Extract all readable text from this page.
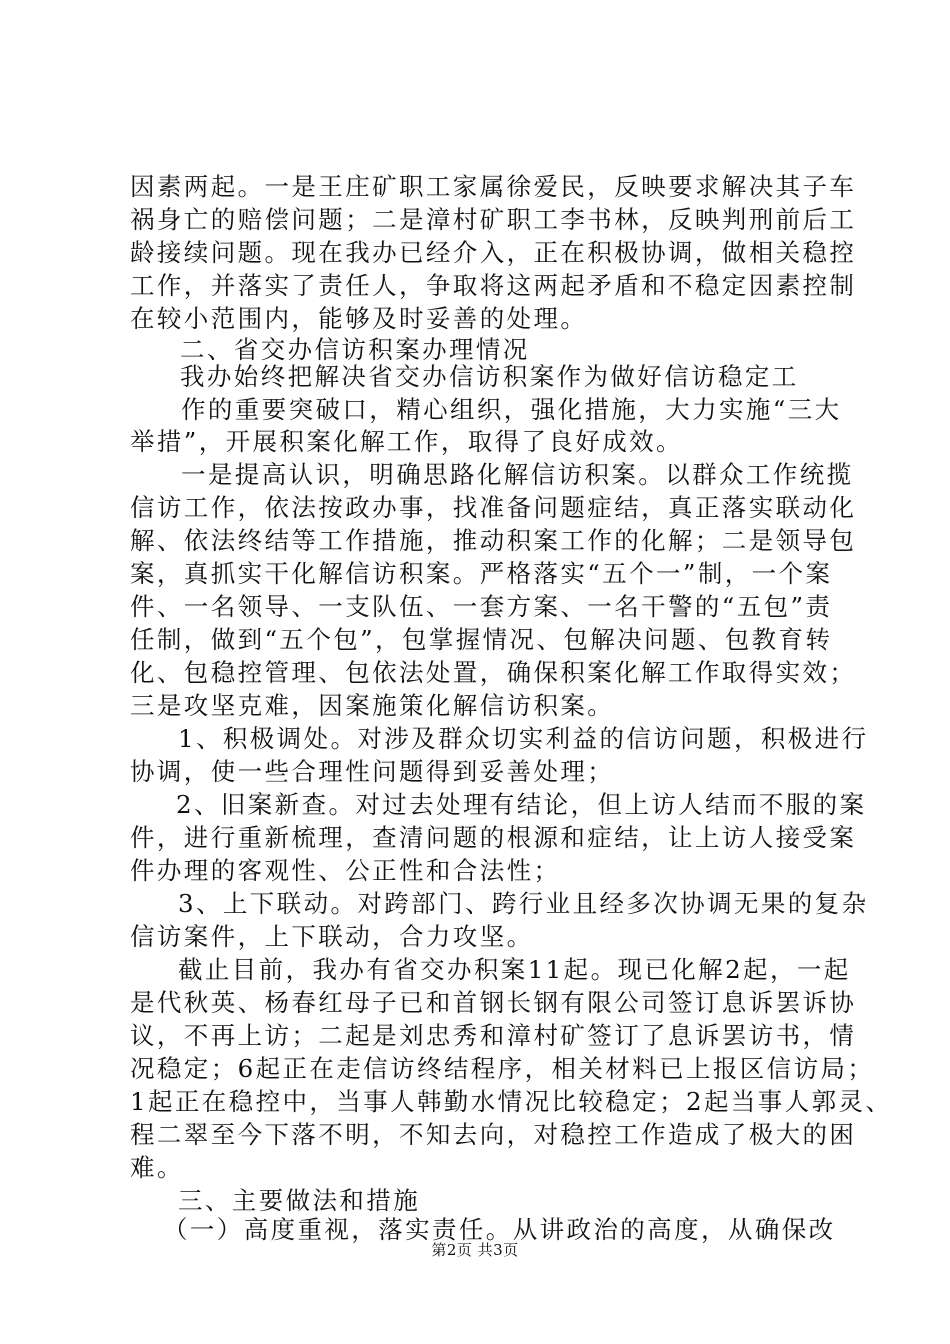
因素两起。一是王庄矿职工家属徐爱民，反映要求解决其子车
祸身亡的赔偿问题；二是漳村矿职工李书林，反映判刑前后工
龄接续问题。现在我办已经介入，正在积极协调，做相关稳控
工作，并落实了责任人，争取将这两起矛盾和不稳定因素控制
在较小范围内，能够及时妥善的处理。
二、省交办信访积案办理情况
我办始终把解决省交办信访积案作为做好信访稳定工
作的重要突破口，精心组织，强化措施，大力实施“三大
举措”，开展积案化解工作，取得了良好成效。
一是提高认识，明确思路化解信访积案。以群众工作统揽
信访工作，依法按政办事，找准备问题症结，真正落实联动化
解、依法终结等工作措施，推动积案工作的化解；二是领导包
案，真抓实干化解信访积案。严格落实“五个一”制，一个案
件、一名领导、一支队伍、一套方案、一名干警的“五包”责
任制，做到“五个包”，包掌握情况、包解决问题、包教育转
化、包稳控管理、包依法处置，确保积案化解工作取得实效；
三是攻坚克难，因案施策化解信访积案。
1、积极调处。对涉及群众切实利益的信访问题，积极进行
协调，使一些合理性问题得到妥善处理；
2、旧案新查。对过去处理有结论，但上访人结而不服的案
件，进行重新梳理，查清问题的根源和症结，让上访人接受案
件办理的客观性、公正性和合法性；
3、上下联动。对跨部门、跨行业且经多次协调无果的复杂
信访案件，上下联动，合力攻坚。
截止目前，我办有省交办积案11起。现已化解2起，一起
是代秋英、杨春红母子已和首钢长钢有限公司签订息诉罢诉协
议，不再上访；二起是刘忠秀和漳村矿签订了息诉罢访书，情
况稳定；6起正在走信访终结程序，相关材料已上报区信访局；
1起正在稳控中，当事人韩勤水情况比较稳定；2起当事人郭灵、
程二翠至今下落不明，不知去向，对稳控工作造成了极大的困
难。
三、主要做法和措施
（一）高度重视，落实责任。从讲政治的高度，从确保改
第2页 共3页
